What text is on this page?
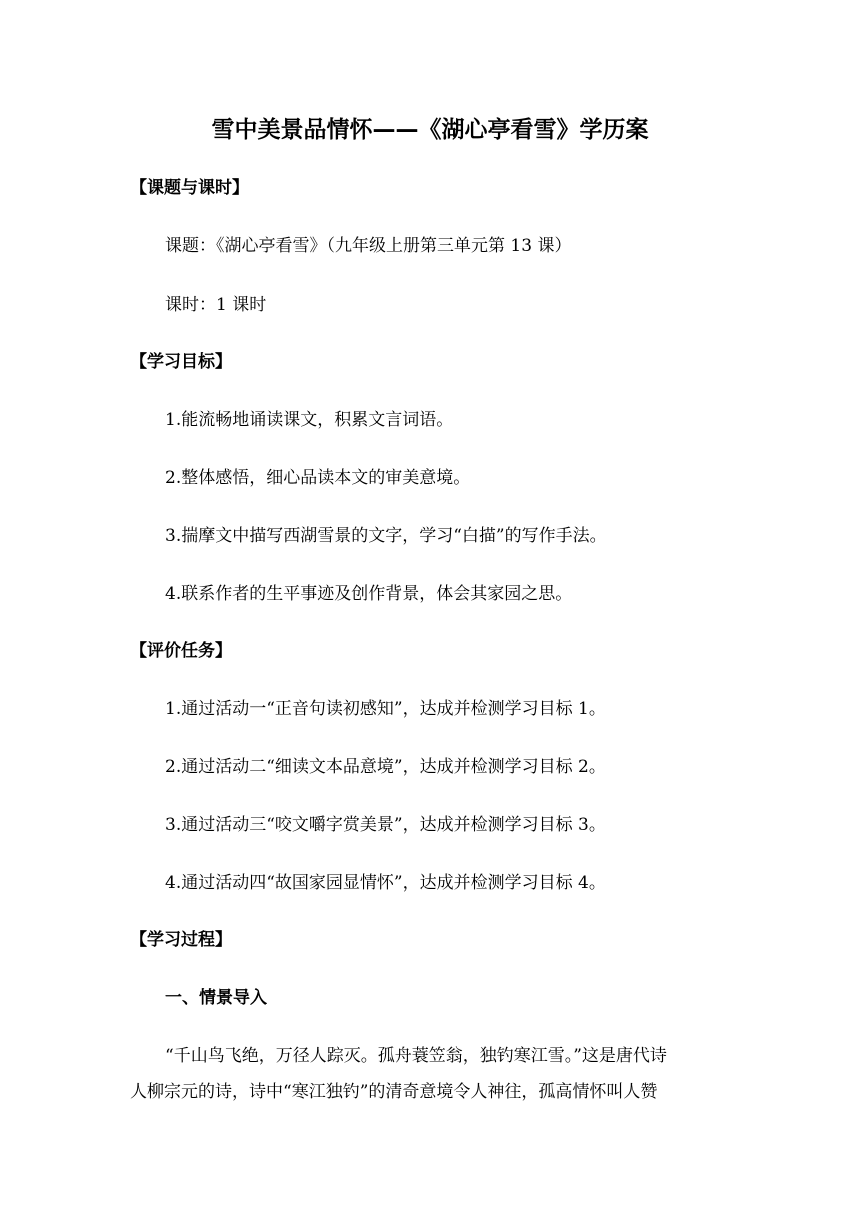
雪中美景品情怀——《湖心亭看雪》学历案
【课题与课时】
课题：《湖心亭看雪》（九年级上册第三单元第 13 课）
课时：1 课时
【学习目标】
1.能流畅地诵读课文，积累文言词语。
2.整体感悟，细心品读本文的审美意境。
3.揣摩文中描写西湖雪景的文字，学习“白描”的写作手法。
4.联系作者的生平事迹及创作背景，体会其家园之思。
【评价任务】
1.通过活动一“正音句读初感知”，达成并检测学习目标 1。
2.通过活动二“细读文本品意境”，达成并检测学习目标 2。
3.通过活动三“咬文嚼字赏美景”，达成并检测学习目标 3。
4.通过活动四“故国家园显情怀”，达成并检测学习目标 4。
【学习过程】
一、情景导入
“千山鸟飞绝，万径人踪灭。孤舟蓑笠翁，独钓寒江雪。”这是唐代诗
人柳宗元的诗，诗中“寒江独钓”的清奇意境令人神往，孤高情怀叫人赞
